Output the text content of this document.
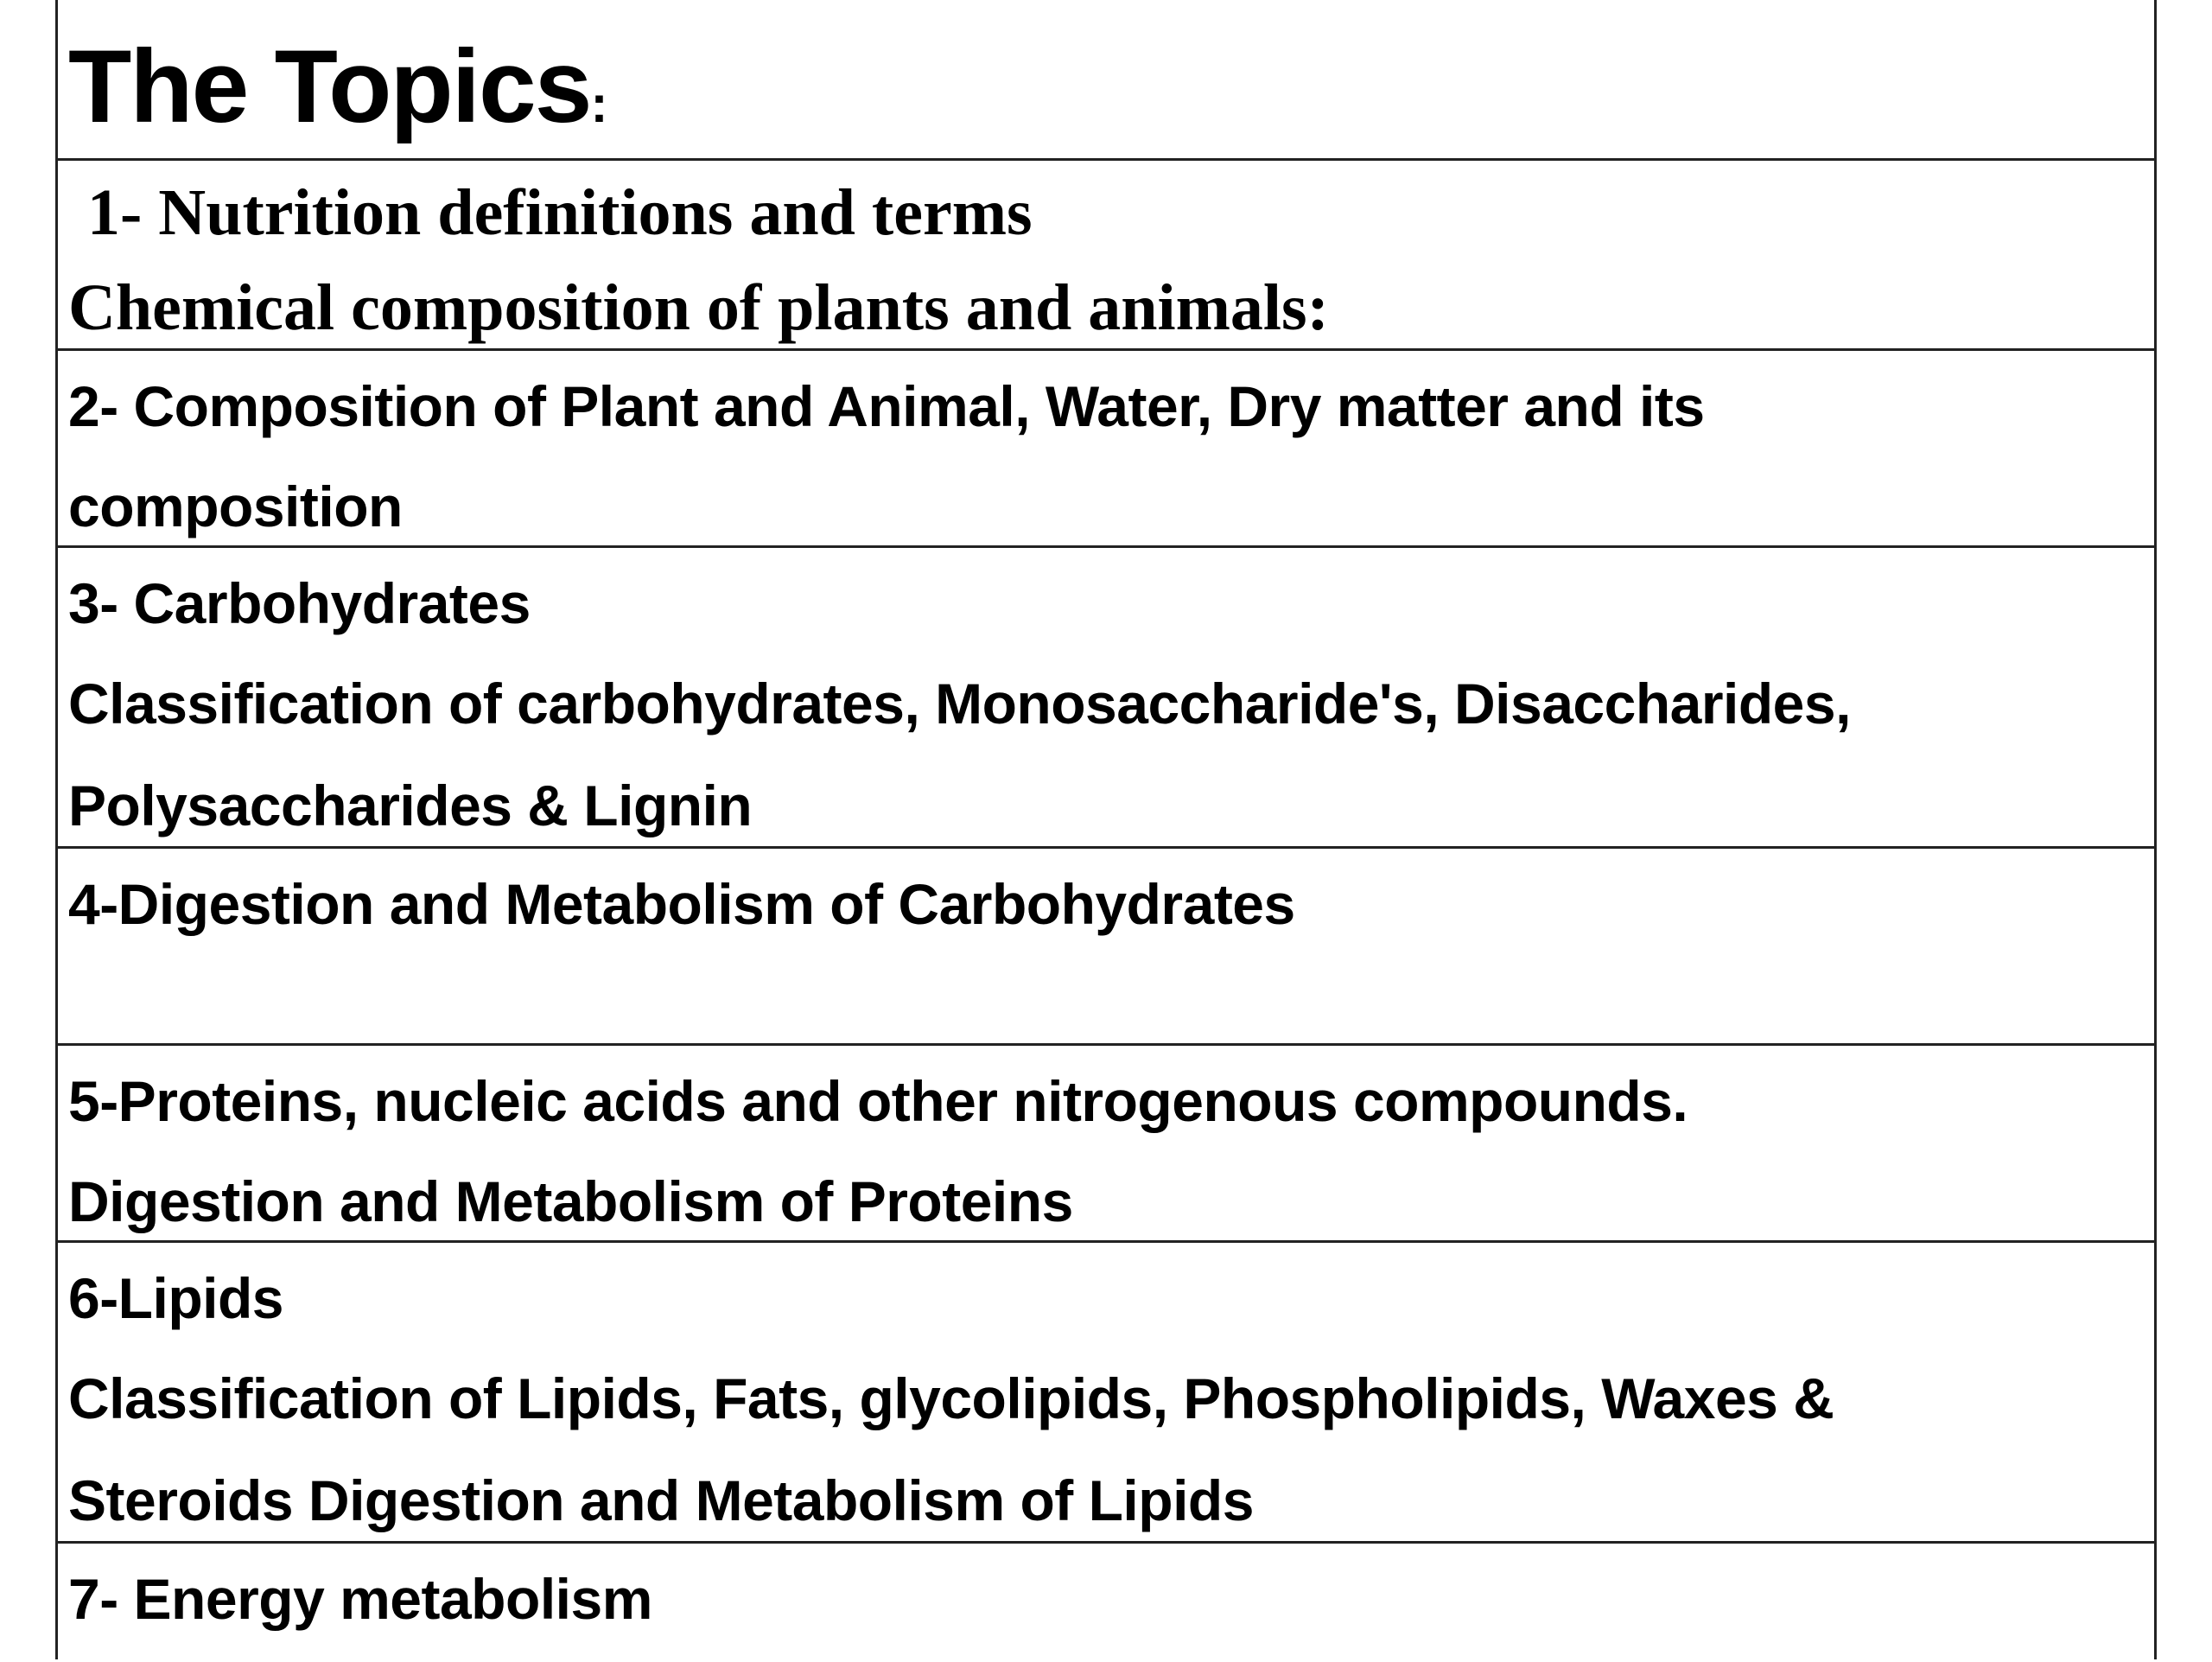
The Topics:
1- Nutrition definitions and terms
Chemical composition of plants and animals:
2- Composition of Plant and Animal, Water, Dry matter and its
composition
3- Carbohydrates
Classification of carbohydrates, Monosaccharide's, Disaccharides,
Polysaccharides & Lignin
4-Digestion and Metabolism of Carbohydrates
5-Proteins, nucleic acids and other nitrogenous compounds.
Digestion and Metabolism of Proteins
6-Lipids
Classification of Lipids, Fats, glycolipids, Phospholipids, Waxes &
Steroids Digestion and Metabolism of Lipids
7- Energy metabolism
